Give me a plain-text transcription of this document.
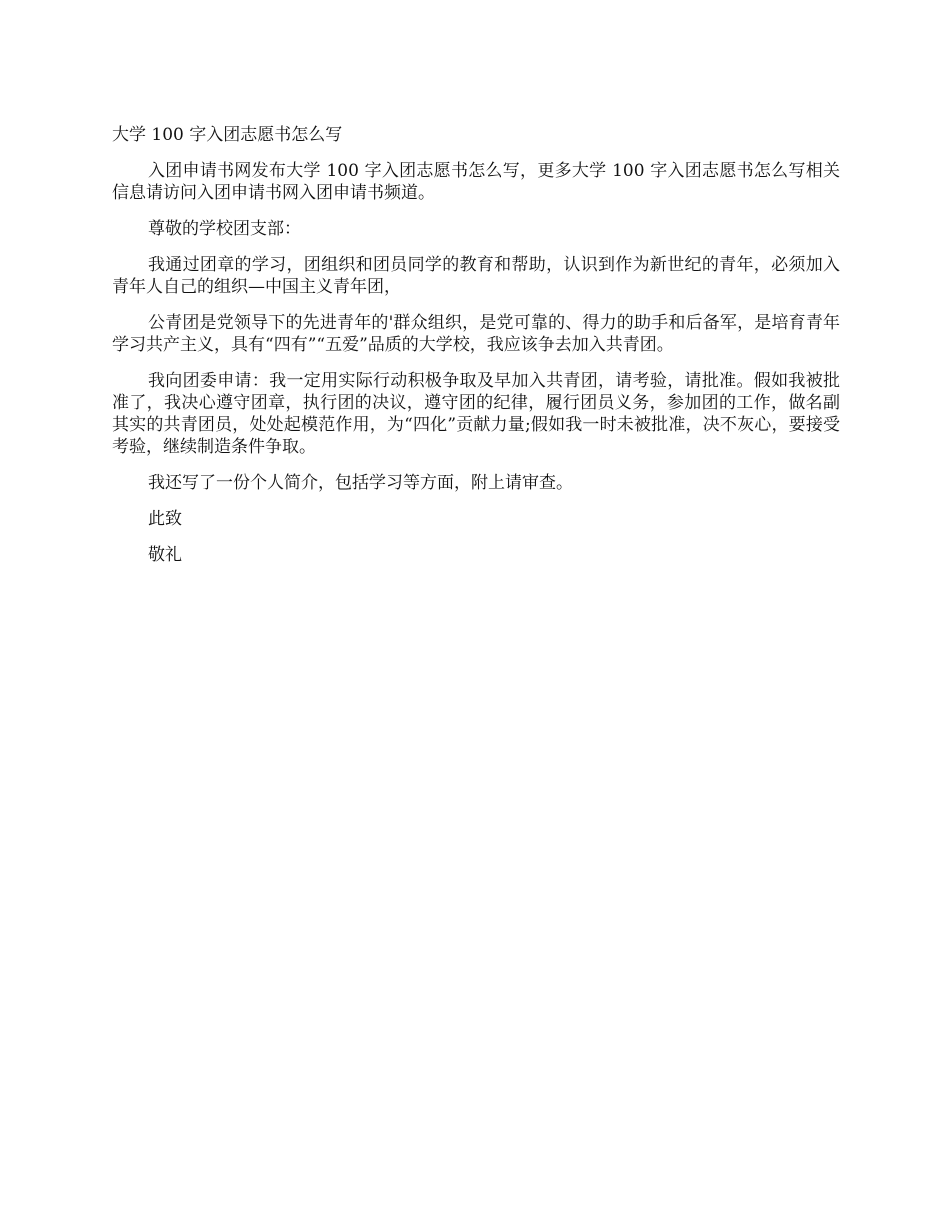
大学 100 字入团志愿书怎么写

入团申请书网发布大学 100 字入团志愿书怎么写，更多大学 100 字入团志愿书怎么写相关信息请访问入团申请书网入团申请书频道。

尊敬的学校团支部：

我通过团章的学习，团组织和团员同学的教育和帮助，认识到作为新世纪的青年，必须加入青年人自己的组织—中国主义青年团，

公青团是党领导下的先进青年的'群众组织，是党可靠的、得力的助手和后备军，是培育青年学习共产主义，具有“四有”“五爱”品质的大学校，我应该争去加入共青团。

我向团委申请：我一定用实际行动积极争取及早加入共青团，请考验，请批准。假如我被批准了，我决心遵守团章，执行团的决议，遵守团的纪律，履行团员义务，参加团的工作，做名副其实的共青团员，处处起模范作用，为“四化”贡献力量;假如我一时未被批准，决不灰心，要接受考验，继续制造条件争取。

我还写了一份个人简介，包括学习等方面，附上请审查。

此致

敬礼
